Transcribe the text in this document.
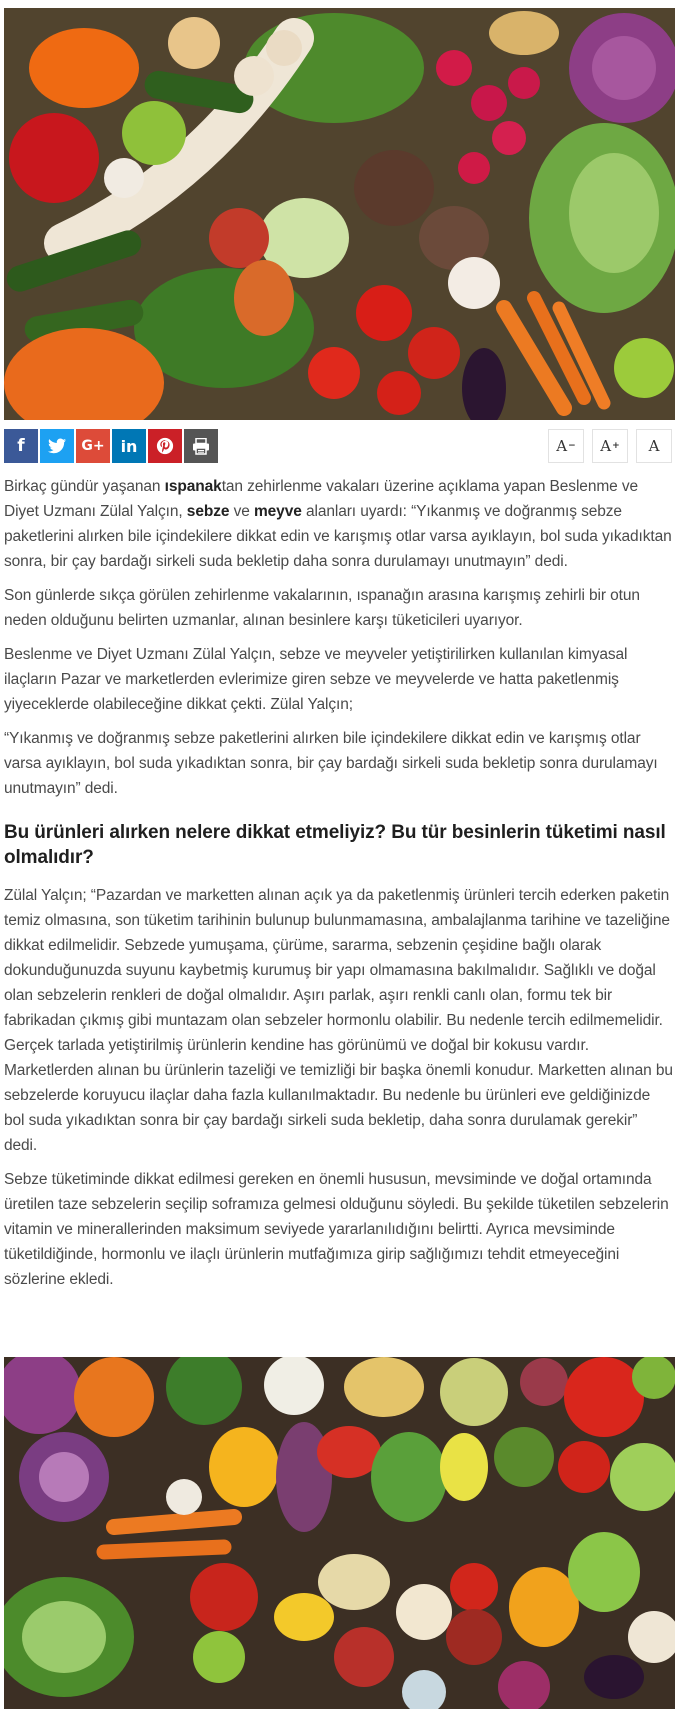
f	G+ in	A − A + A

Birkaç gündür yaşanan ıspanaktan zehirlenme vakaları üzerine açıklama yapan Beslenme ve Diyet Uzmanı Zülal Yalçın, sebze ve meyve alanları uyardı: “Yıkanmış ve doğranmış sebze paketlerini alırken bile içindekilere dikkat edin ve karışmış otlar varsa ayıklayın, bol suda yıkadıktan sonra, bir çay bardağı sirkeli suda bekletip daha sonra durulamayı unutmayın” dedi.

Son günlerde sıkça görülen zehirlenme vakalarının, ıspanağın arasına karışmış zehirli bir otun neden olduğunu belirten uzmanlar, alınan besinlere karşı tüketicileri uyarıyor.

Beslenme ve Diyet Uzmanı Zülal Yalçın, sebze ve meyveler yetiştirilirken kullanılan kimyasal ilaçların Pazar ve marketlerden evlerimize giren sebze ve meyvelerde ve hatta paketlenmiş yiyeceklerde olabileceğine dikkat çekti. Zülal Yalçın;

“Yıkanmış ve doğranmış sebze paketlerini alırken bile içindekilere dikkat edin ve karışmış otlar varsa ayıklayın, bol suda yıkadıktan sonra, bir çay bardağı sirkeli suda bekletip sonra durulamayı unutmayın” dedi.

Bu ürünleri alırken nelere dikkat etmeliyiz? Bu tür besinlerin tüketimi nasıl olmalıdır?

Zülal Yalçın; “Pazardan ve marketten alınan açık ya da paketlenmiş ürünleri tercih ederken paketin temiz olmasına, son tüketim tarihinin bulunup bulunmamasına, ambalajlanma tarihine ve tazeliğine dikkat edilmelidir. Sebzede yumuşama, çürüme, sararma, sebzenin çeşidine bağlı olarak dokunduğunuzda suyunu kaybetmiş kurumuş bir yapı olmamasına bakılmalıdır. Sağlıklı ve doğal olan sebzelerin renkleri de doğal olmalıdır. Aşırı parlak, aşırı renkli canlı olan, formu tek bir fabrikadan çıkmış gibi muntazam olan sebzeler hormonlu olabilir. Bu nedenle tercih edilmemelidir. Gerçek tarlada yetiştirilmiş ürünlerin kendine has görünümü ve doğal bir kokusu vardır. Marketlerden alınan bu ürünlerin tazeliği ve temizliği bir başka önemli konudur. Marketten alınan bu sebzelerde koruyucu ilaçlar daha fazla kullanılmaktadır. Bu nedenle bu ürünleri eve geldiğinizde bol suda yıkadıktan sonra bir çay bardağı sirkeli suda bekletip, daha sonra durulamak gerekir” dedi.

Sebze tüketiminde dikkat edilmesi gereken en önemli hususun, mevsiminde ve doğal ortamında üretilen taze sebzelerin seçilip soframıza gelmesi olduğunu söyledi. Bu şekilde tüketilen sebzelerin vitamin ve minerallerinden maksimum seviyede yararlanılıdığını belirtti. Ayrıca mevsiminde tüketildiğinde, hormonlu ve ilaçlı ürünlerin mutfağımıza girip sağlığımızı tehdit etmeyeceğini sözlerine ekledi.
